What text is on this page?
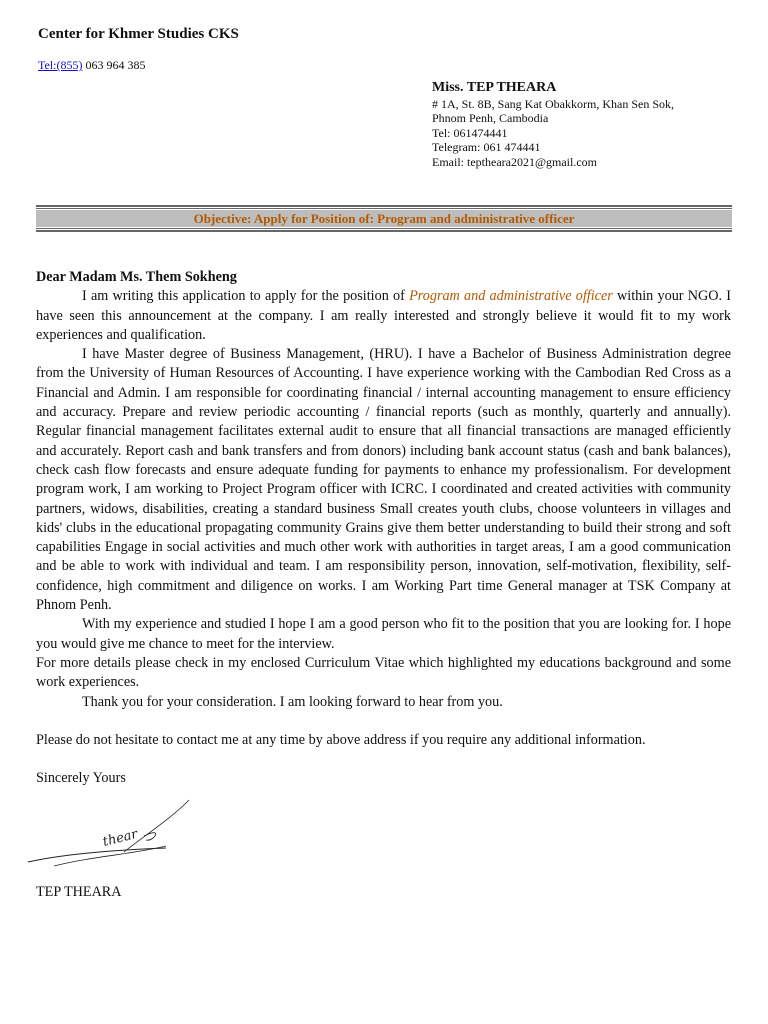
Center for Khmer Studies CKS
Tel:(855) 063 964 385
Miss. TEP THEARA
# 1A, St. 8B, Sang Kat Obakkorm, Khan Sen Sok,
Phnom Penh, Cambodia
Tel: 061474441
Telegram: 061 474441
Email: teptheara2021@gmail.com
Objective: Apply for Position of: Program and administrative officer

Dear Madam Ms. Them Sokheng

I am writing this application to apply for the position of Program and administrative officer within your NGO. I have seen this announcement at the company. I am really interested and strongly believe it would fit to my work experiences and qualification.

I have Master degree of Business Management, (HRU). I have a Bachelor of Business Administration degree from the University of Human Resources of Accounting. I have experience working with the Cambodian Red Cross as a Financial and Admin. I am responsible for coordinating financial / internal accounting management to ensure efficiency and accuracy. Prepare and review periodic accounting / financial reports (such as monthly, quarterly and annually). Regular financial management facilitates external audit to ensure that all financial transactions are managed efficiently and accurately. Report cash and bank transfers and from donors) including bank account status (cash and bank balances), check cash flow forecasts and ensure adequate funding for payments to enhance my professionalism. For development program work, I am working to Project Program officer with ICRC. I coordinated and created activities with community partners, widows, disabilities, creating a standard business Small creates youth clubs, choose volunteers in villages and kids' clubs in the educational propagating community Grains give them better understanding to build their strong and soft capabilities Engage in social activities and much other work with authorities in target areas, I am a good communication and be able to work with individual and team. I am responsibility person, innovation, self-motivation, flexibility, self-confidence, high commitment and diligence on works. I am Working Part time General manager at TSK Company at Phnom Penh.

With my experience and studied I hope I am a good person who fit to the position that you are looking for. I hope you would give me chance to meet for the interview.

For more details please check in my enclosed Curriculum Vitae which highlighted my educations background and some work experiences.

Thank you for your consideration. I am looking forward to hear from you.

Please do not hesitate to contact me at any time by above address if you require any additional information.

Sincerely Yours

thear
TEP THEARA
